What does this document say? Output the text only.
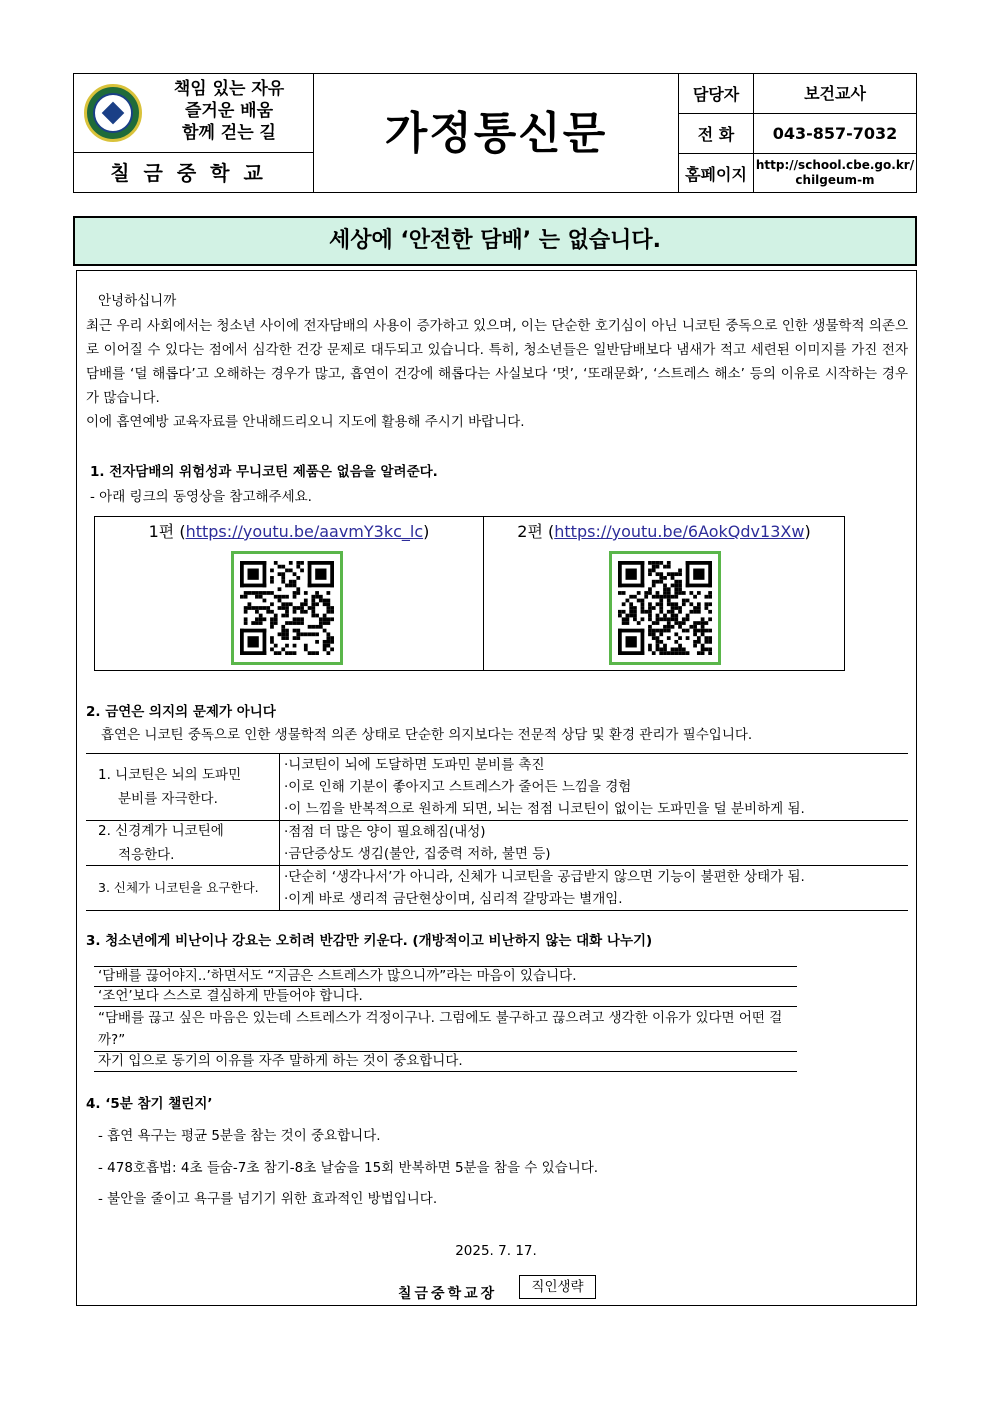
책임 있는 자유
즐거운 배움
함께 걷는 길
칠금중학교
가정통신문
담당자	보건교사
전 화	043-857-7032
홈페이지 http://school.cbe.go.kr/
chilgeum-m
세상에 ‘안전한 담배’ 는 없습니다.
안녕하십니까
최근 우리 사회에서는 청소년 사이에 전자담배의 사용이 증가하고 있으며, 이는 단순한 호기심이 아닌 니코틴 중독으로 인한 생물학적 의존으로 이어질 수 있다는 점에서 심각한 건강 문제로 대두되고 있습니다. 특히, 청소년들은 일반담배보다 냄새가 적고 세련된 이미지를 가진 전자담배를 ‘덜 해롭다’고 오해하는 경우가 많고, 흡연이 건강에 해롭다는 사실보다 ‘멋’, ‘또래문화’, ‘스트레스 해소’ 등의 이유로 시작하는 경우가 많습니다.
이에 흡연예방 교육자료를 안내해드리오니 지도에 활용해 주시기 바랍니다.
1. 전자담배의 위험성과 무니코틴 제품은 없음을 알려준다.
- 아래 링크의 동영상을 참고해주세요.
1편 (https://youtu.be/aavmY3kc_lc)	2편 (https://youtu.be/6AokQdv13Xw)
2. 금연은 의지의 문제가 아니다
흡연은 니코틴 중독으로 인한 생물학적 의존 상태로 단순한 의지보다는 전문적 상담 및 환경 관리가 필수입니다.
1. 니코틴은 뇌의 도파민
분비를 자극한다.
·니코틴이 뇌에 도달하면 도파민 분비를 촉진
·이로 인해 기분이 좋아지고 스트레스가 줄어든 느낌을 경험
·이 느낌을 반복적으로 원하게 되면, 뇌는 점점 니코틴이 없이는 도파민을 덜 분비하게 됨.
2. 신경계가 니코틴에
적응한다.
·점점 더 많은 양이 필요해짐(내성)
·금단증상도 생김(불안, 집중력 저하, 불면 등)
3. 신체가 니코틴을 요구한다.
·단순히 ‘생각나서’가 아니라, 신체가 니코틴을 공급받지 않으면 기능이 불편한 상태가 됨.
·이게 바로 생리적 금단현상이며, 심리적 갈망과는 별개임.
3. 청소년에게 비난이나 강요는 오히려 반감만 키운다. (개방적이고 비난하지 않는 대화 나누기)
‘담배를 끊어야지..’하면서도 “지금은 스트레스가 많으니까”라는 마음이 있습니다.
‘조언’보다 스스로 결심하게 만들어야 합니다.
“담배를 끊고 싶은 마음은 있는데 스트레스가 걱정이구나. 그럼에도 불구하고 끊으려고 생각한 이유가 있다면 어떤 걸까?”
자기 입으로 동기의 이유를 자주 말하게 하는 것이 중요합니다.
4. ‘5분 참기 챌린지’
- 흡연 욕구는 평균 5분을 참는 것이 중요합니다.
- 478호흡법: 4초 들숨-7초 참기-8초 날숨을 15회 반복하면 5분을 참을 수 있습니다.
- 불안을 줄이고 욕구를 넘기기 위한 효과적인 방법입니다.
2025. 7. 17.
칠금중학교장	직인생략
